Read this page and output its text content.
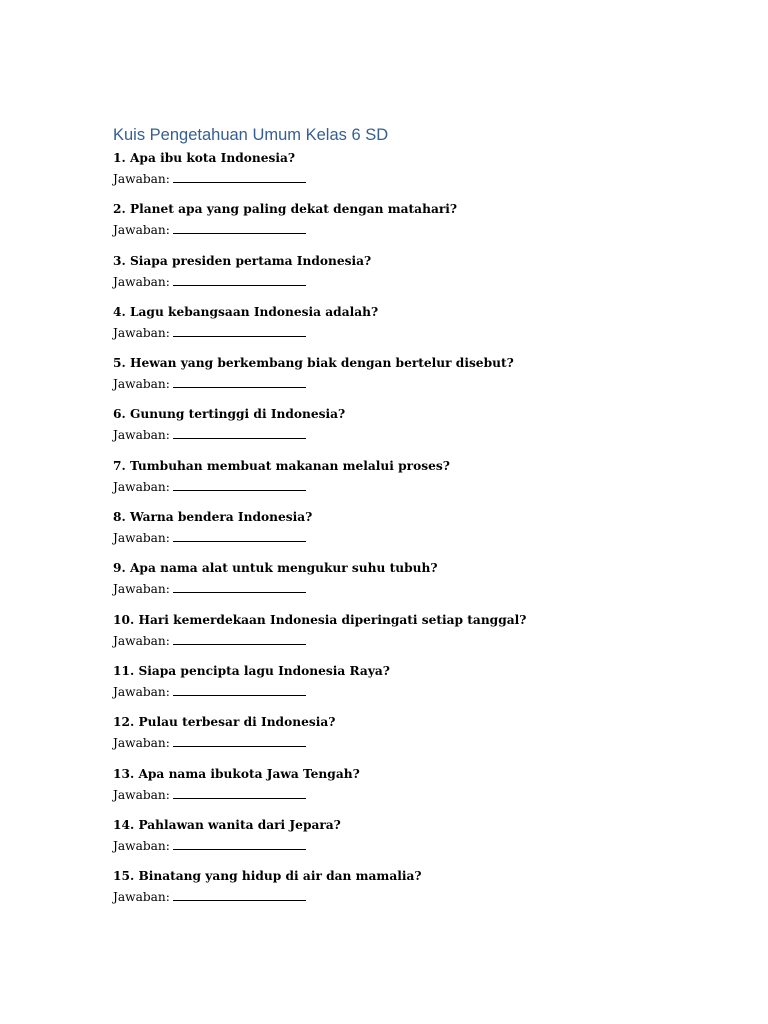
Kuis Pengetahuan Umum Kelas 6 SD
1. Apa ibu kota Indonesia?
Jawaban:
2. Planet apa yang paling dekat dengan matahari?
Jawaban:
3. Siapa presiden pertama Indonesia?
Jawaban:
4. Lagu kebangsaan Indonesia adalah?
Jawaban:
5. Hewan yang berkembang biak dengan bertelur disebut?
Jawaban:
6. Gunung tertinggi di Indonesia?
Jawaban:
7. Tumbuhan membuat makanan melalui proses?
Jawaban:
8. Warna bendera Indonesia?
Jawaban:
9. Apa nama alat untuk mengukur suhu tubuh?
Jawaban:
10. Hari kemerdekaan Indonesia diperingati setiap tanggal?
Jawaban:
11. Siapa pencipta lagu Indonesia Raya?
Jawaban:
12. Pulau terbesar di Indonesia?
Jawaban:
13. Apa nama ibukota Jawa Tengah?
Jawaban:
14. Pahlawan wanita dari Jepara?
Jawaban:
15. Binatang yang hidup di air dan mamalia?
Jawaban:
